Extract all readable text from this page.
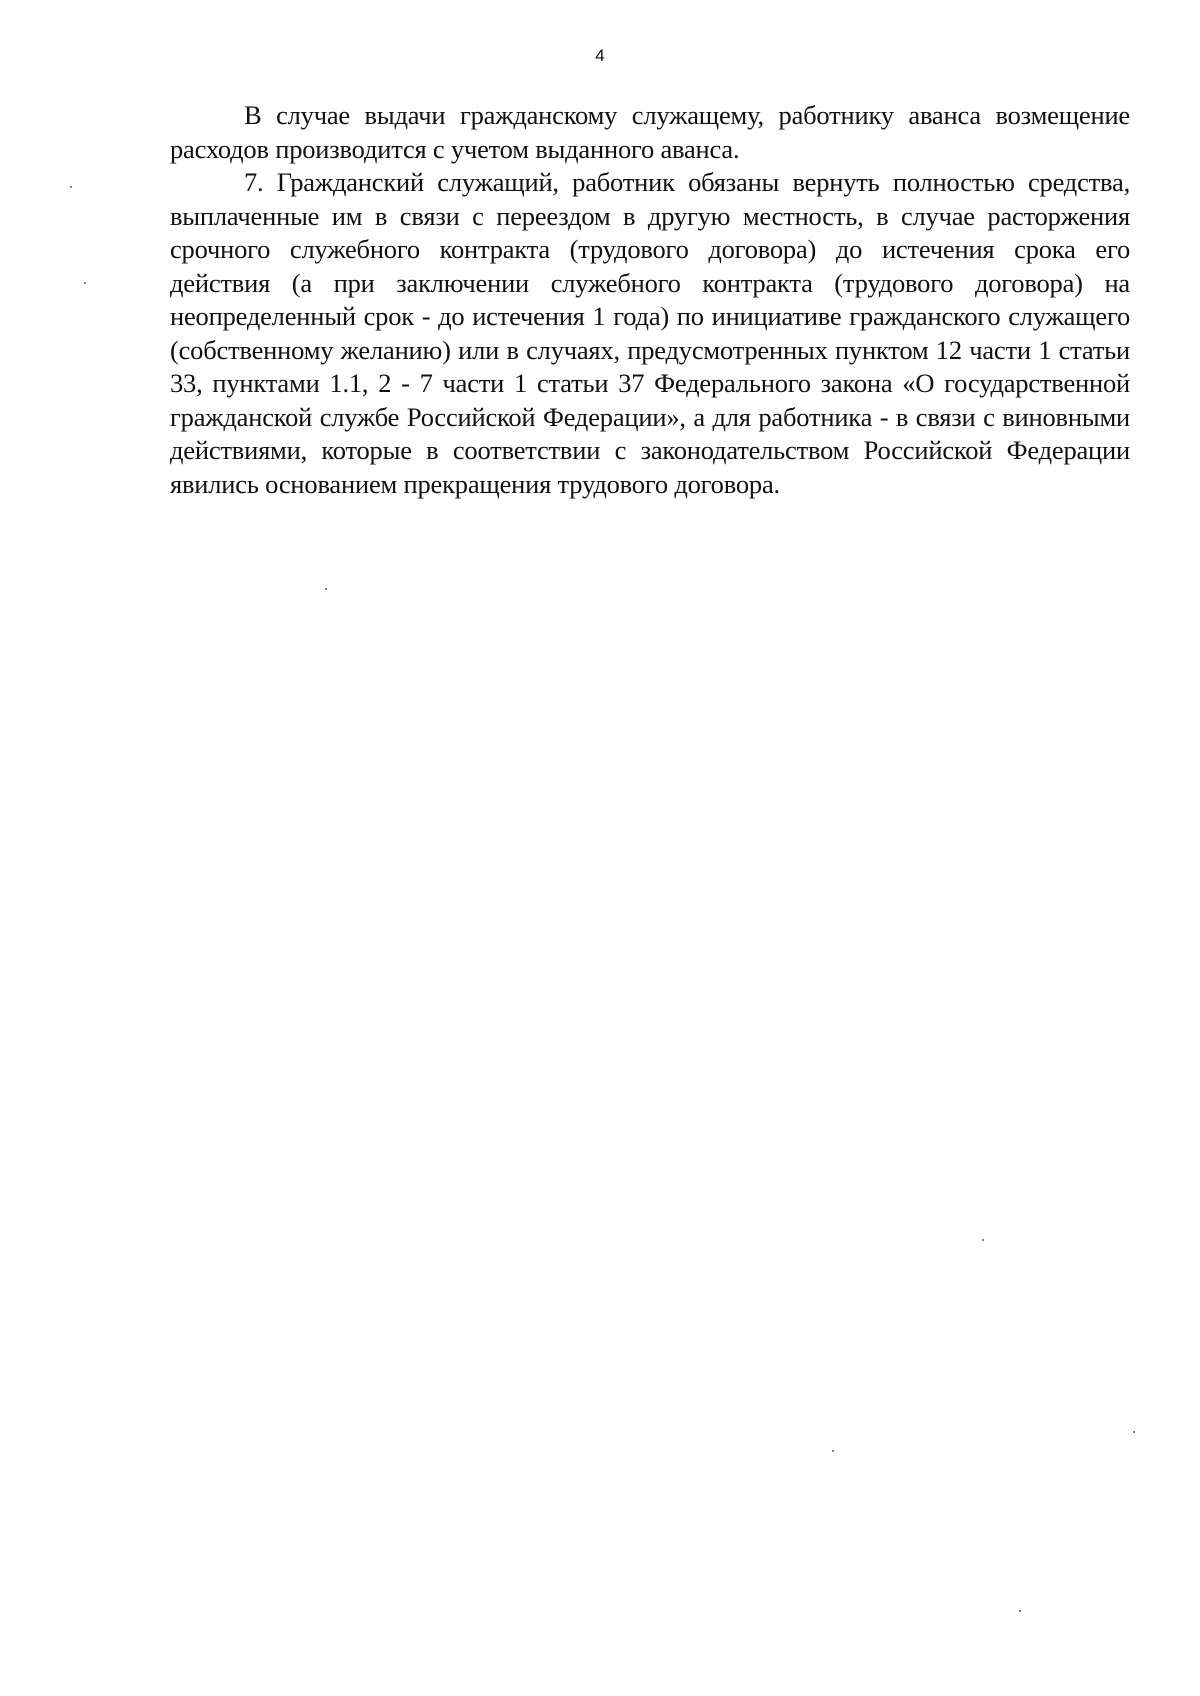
4

В случае выдачи гражданскому служащему, работнику аванса возмещение расходов производится с учетом выданного аванса.

7. Гражданский служащий, работник обязаны вернуть полностью средства, выплаченные им в связи с переездом в другую местность, в случае расторжения срочного служебного контракта (трудового договора) до истечения срока его действия (а при заключении служебного контракта (трудового договора) на неопределенный срок - до истечения 1 года) по инициативе гражданского служащего (собственному желанию) или в случаях, предусмотренных пунктом 12 части 1 статьи 33, пунктами 1.1, 2 - 7 части 1 статьи 37 Федерального закона «О государственной гражданской службе Российской Федерации», а для работника - в связи с виновными действиями, которые в соответствии с законодательством Российской Федерации явились основанием прекращения трудового договора.
